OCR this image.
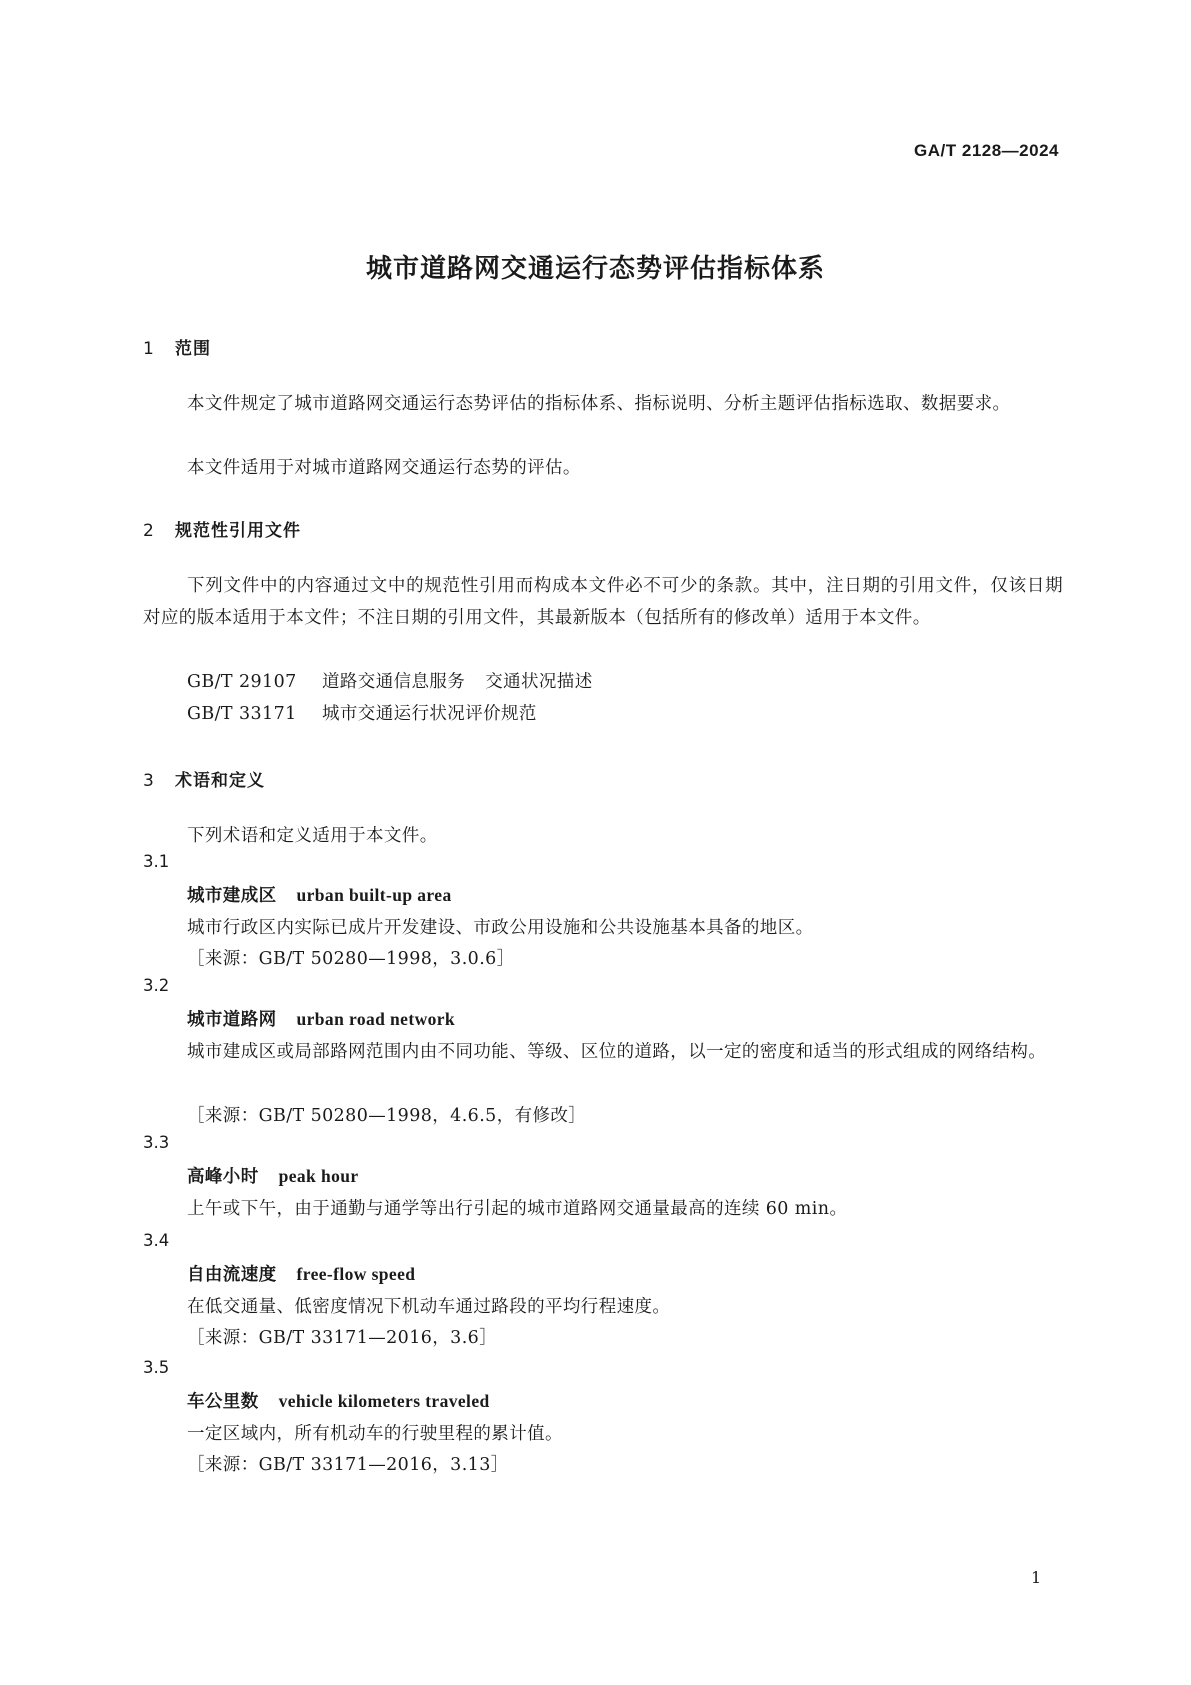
GA/T 2128—2024
城市道路网交通运行态势评估指标体系
1 范围
本文件规定了城市道路网交通运行态势评估的指标体系、指标说明、分析主题评估指标选取、数据要求。
本文件适用于对城市道路网交通运行态势的评估。
2 规范性引用文件
下列文件中的内容通过文中的规范性引用而构成本文件必不可少的条款。其中，注日期的引用文件，仅该日期对应的版本适用于本文件；不注日期的引用文件，其最新版本（包括所有的修改单）适用于本文件。
GB/T 29107 道路交通信息服务 交通状况描述
GB/T 33171 城市交通运行状况评价规范
3 术语和定义
下列术语和定义适用于本文件。
3.1
城市建成区 urban built-up area
城市行政区内实际已成片开发建设、市政公用设施和公共设施基本具备的地区。
［来源：GB/T 50280—1998，3.0.6］
3.2
城市道路网 urban road network
城市建成区或局部路网范围内由不同功能、等级、区位的道路，以一定的密度和适当的形式组成的网络结构。
［来源：GB/T 50280—1998，4.6.5，有修改］
3.3
高峰小时 peak hour
上午或下午，由于通勤与通学等出行引起的城市道路网交通量最高的连续 60 min。
3.4
自由流速度 free-flow speed
在低交通量、低密度情况下机动车通过路段的平均行程速度。
［来源：GB/T 33171—2016，3.6］
3.5
车公里数 vehicle kilometers traveled
一定区域内，所有机动车的行驶里程的累计值。
［来源：GB/T 33171—2016，3.13］
1
